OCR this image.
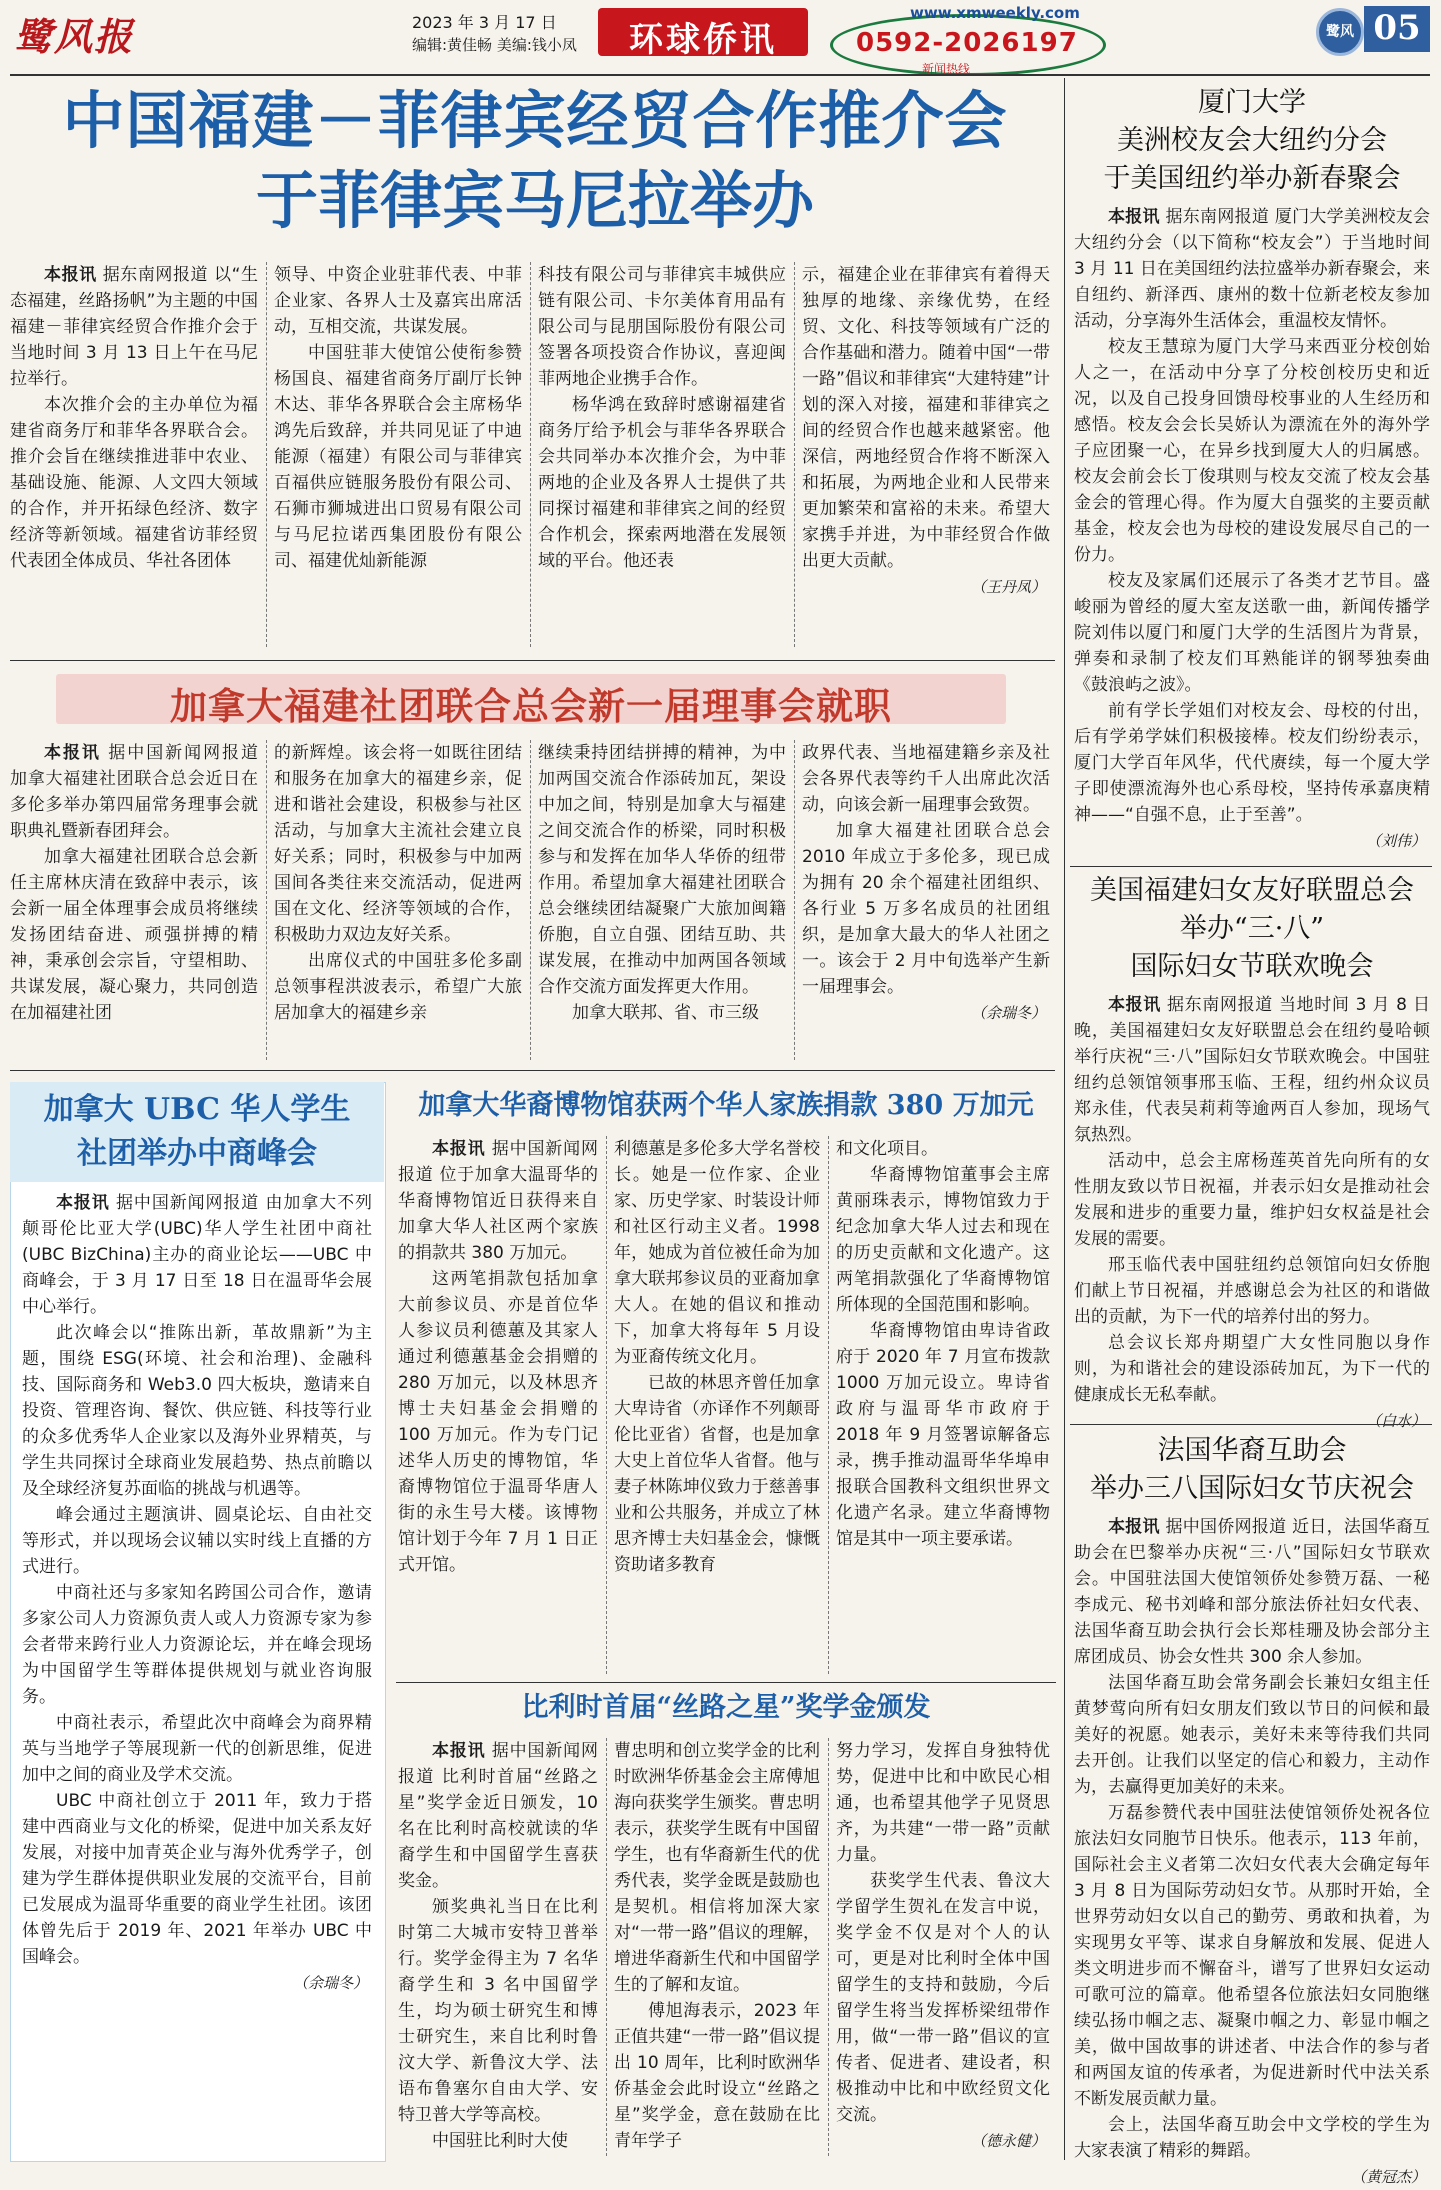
鹭风报	2023 年 3 月 17 日
编辑:黄佳畅 美编:钱小凤	环球侨讯
www.xmweekly.com
0592-2026197
新闻热线
鹭风 05
中国福建－菲律宾经贸合作推介会
于菲律宾马尼拉举办

本报讯 据东南网报道 以“生态福建，丝路扬帆”为主题的中国福建－菲律宾经贸合作推介会于当地时间 3 月 13 日上午在马尼拉举行。

本次推介会的主办单位为福建省商务厅和菲华各界联合会。推介会旨在继续推进菲中农业、基础设施、能源、人文四大领域的合作，并开拓绿色经济、数字经济等新领域。福建省访菲经贸代表团全体成员、华社各团体

领导、中资企业驻菲代表、中菲企业家、各界人士及嘉宾出席活动，互相交流，共谋发展。

中国驻菲大使馆公使衔参赞杨国良、福建省商务厅副厅长钟木达、菲华各界联合会主席杨华鸿先后致辞，并共同见证了中迪能源（福建）有限公司与菲律宾百福供应链服务股份有限公司、石狮市狮城进出口贸易有限公司与马尼拉诺西集团股份有限公司、福建优灿新能源

科技有限公司与菲律宾丰城供应链有限公司、卡尔美体育用品有限公司与昆朋国际股份有限公司签署各项投资合作协议，喜迎闽菲两地企业携手合作。

杨华鸿在致辞时感谢福建省商务厅给予机会与菲华各界联合会共同举办本次推介会，为中菲两地的企业及各界人士提供了共同探讨福建和菲律宾之间的经贸合作机会，探索两地潜在发展领域的平台。他还表

示，福建企业在菲律宾有着得天独厚的地缘、亲缘优势，在经贸、文化、科技等领域有广泛的合作基础和潜力。随着中国“一带一路”倡议和菲律宾“大建特建”计划的深入对接，福建和菲律宾之间的经贸合作也越来越紧密。他深信，两地经贸合作将不断深入和拓展，为两地企业和人民带来更加繁荣和富裕的未来。希望大家携手并进，为中菲经贸合作做出更大贡献。

（王丹凤）
加拿大福建社团联合总会新一届理事会就职

本报讯 据中国新闻网报道 加拿大福建社团联合总会近日在多伦多举办第四届常务理事会就职典礼暨新春团拜会。

加拿大福建社团联合总会新任主席林庆清在致辞中表示，该会新一届全体理事会成员将继续发扬团结奋进、顽强拼搏的精神，秉承创会宗旨，守望相助、共谋发展，凝心聚力，共同创造在加福建社团

的新辉煌。该会将一如既往团结和服务在加拿大的福建乡亲，促进和谐社会建设，积极参与社区活动，与加拿大主流社会建立良好关系；同时，积极参与中加两国间各类往来交流活动，促进两国在文化、经济等领域的合作，积极助力双边友好关系。

出席仪式的中国驻多伦多副总领事程洪波表示，希望广大旅居加拿大的福建乡亲

继续秉持团结拼搏的精神，为中加两国交流合作添砖加瓦，架设中加之间，特别是加拿大与福建之间交流合作的桥梁，同时积极参与和发挥在加华人华侨的纽带作用。希望加拿大福建社团联合总会继续团结凝聚广大旅加闽籍侨胞，自立自强、团结互助、共谋发展，在推动中加两国各领域合作交流方面发挥更大作用。

加拿大联邦、省、市三级

政界代表、当地福建籍乡亲及社会各界代表等约千人出席此次活动，向该会新一届理事会致贺。

加拿大福建社团联合总会 2010 年成立于多伦多，现已成为拥有 20 余个福建社团组织、各行业 5 万多名成员的社团组织，是加拿大最大的华人社团之一。该会于 2 月中旬选举产生新一届理事会。

（余瑞冬）
加拿大 UBC 华人学生
社团举办中商峰会

本报讯 据中国新闻网报道 由加拿大不列颠哥伦比亚大学(UBC)华人学生社团中商社(UBC BizChina)主办的商业论坛——UBC 中商峰会，于 3 月 17 日至 18 日在温哥华会展中心举行。

此次峰会以“推陈出新，革故鼎新”为主题，围绕 ESG(环境、社会和治理)、金融科技、国际商务和 Web3.0 四大板块，邀请来自投资、管理咨询、餐饮、供应链、科技等行业的众多优秀华人企业家以及海外业界精英，与学生共同探讨全球商业发展趋势、热点前瞻以及全球经济复苏面临的挑战与机遇等。

峰会通过主题演讲、圆桌论坛、自由社交等形式，并以现场会议辅以实时线上直播的方式进行。

中商社还与多家知名跨国公司合作，邀请多家公司人力资源负责人或人力资源专家为参会者带来跨行业人力资源论坛，并在峰会现场为中国留学生等群体提供规划与就业咨询服务。

中商社表示，希望此次中商峰会为商界精英与当地学子等展现新一代的创新思维，促进加中之间的商业及学术交流。

UBC 中商社创立于 2011 年，致力于搭建中西商业与文化的桥梁，促进中加关系友好发展，对接中加青英企业与海外优秀学子，创建为学生群体提供职业发展的交流平台，目前已发展成为温哥华重要的商业学生社团。该团体曾先后于 2019 年、2021 年举办 UBC 中国峰会。

（余瑞冬）
加拿大华裔博物馆获两个华人家族捐款 380 万加元

本报讯 据中国新闻网报道 位于加拿大温哥华的华裔博物馆近日获得来自加拿大华人社区两个家族的捐款共 380 万加元。

这两笔捐款包括加拿大前参议员、亦是首位华人参议员利德蕙及其家人通过利德蕙基金会捐赠的 280 万加元，以及林思齐博士夫妇基金会捐赠的 100 万加元。作为专门记述华人历史的博物馆，华裔博物馆位于温哥华唐人街的永生号大楼。该博物馆计划于今年 7 月 1 日正式开馆。

利德蕙是多伦多大学名誉校长。她是一位作家、企业家、历史学家、时装设计师和社区行动主义者。1998 年，她成为首位被任命为加拿大联邦参议员的亚裔加拿大人。在她的倡议和推动下，加拿大将每年 5 月设为亚裔传统文化月。

已故的林思齐曾任加拿大卑诗省（亦译作不列颠哥伦比亚省）省督，也是加拿大史上首位华人省督。他与妻子林陈坤仪致力于慈善事业和公共服务，并成立了林思齐博士夫妇基金会，慷慨资助诸多教育

和文化项目。

华裔博物馆董事会主席黄丽珠表示，博物馆致力于纪念加拿大华人过去和现在的历史贡献和文化遗产。这两笔捐款强化了华裔博物馆所体现的全国范围和影响。

华裔博物馆由卑诗省政府于 2020 年 7 月宣布拨款 1000 万加元设立。卑诗省政府与温哥华市政府于 2018 年 9 月签署谅解备忘录，携手推动温哥华华埠申报联合国教科文组织世界文化遗产名录。建立华裔博物馆是其中一项主要承诺。

比利时首届“丝路之星”奖学金颁发

本报讯 据中国新闻网报道 比利时首届“丝路之星”奖学金近日颁发，10 名在比利时高校就读的华裔学生和中国留学生喜获奖金。

颁奖典礼当日在比利时第二大城市安特卫普举行。奖学金得主为 7 名华裔学生和 3 名中国留学生，均为硕士研究生和博士研究生，来自比利时鲁汶大学、新鲁汶大学、法语布鲁塞尔自由大学、安特卫普大学等高校。

中国驻比利时大使

曹忠明和创立奖学金的比利时欧洲华侨基金会主席傅旭海向获奖学生颁奖。曹忠明表示，获奖学生既有中国留学生，也有华裔新生代的优秀代表，奖学金既是鼓励也是契机。相信将加深大家对“一带一路”倡议的理解，增进华裔新生代和中国留学生的了解和友谊。

傅旭海表示，2023 年正值共建“一带一路”倡议提出 10 周年，比利时欧洲华侨基金会此时设立“丝路之星”奖学金，意在鼓励在比青年学子

努力学习，发挥自身独特优势，促进中比和中欧民心相通，也希望其他学子见贤思齐，为共建“一带一路”贡献力量。

获奖学生代表、鲁汶大学留学生贺礼在发言中说，奖学金不仅是对个人的认可，更是对比利时全体中国留学生的支持和鼓励，今后留学生将当发挥桥梁纽带作用，做“一带一路”倡议的宣传者、促进者、建设者，积极推动中比和中欧经贸文化交流。

（德永健）
厦门大学
美洲校友会大纽约分会
于美国纽约举办新春聚会

本报讯 据东南网报道 厦门大学美洲校友会大纽约分会（以下简称“校友会”）于当地时间 3 月 11 日在美国纽约法拉盛举办新春聚会，来自纽约、新泽西、康州的数十位新老校友参加活动，分享海外生活体会，重温校友情怀。

校友王慧琼为厦门大学马来西亚分校创始人之一，在活动中分享了分校创校历史和近况，以及自己投身回馈母校事业的人生经历和感悟。校友会会长吴娇认为漂流在外的海外学子应团聚一心，在异乡找到厦大人的归属感。校友会前会长丁俊琪则与校友交流了校友会基金会的管理心得。作为厦大自强奖的主要贡献基金，校友会也为母校的建设发展尽自己的一份力。

校友及家属们还展示了各类才艺节目。盛峻丽为曾经的厦大室友送歌一曲，新闻传播学院刘伟以厦门和厦门大学的生活图片为背景，弹奏和录制了校友们耳熟能详的钢琴独奏曲《鼓浪屿之波》。

前有学长学姐们对校友会、母校的付出，后有学弟学妹们积极接棒。校友们纷纷表示，厦门大学百年风华，代代赓续，每一个厦大学子即使漂流海外也心系母校，坚持传承嘉庚精神——“自强不息，止于至善”。

（刘伟）
美国福建妇女友好联盟总会
举办“三·八”
国际妇女节联欢晚会

本报讯 据东南网报道 当地时间 3 月 8 日晚，美国福建妇女友好联盟总会在纽约曼哈顿举行庆祝“三·八”国际妇女节联欢晚会。中国驻纽约总领馆领事邢玉临、王程，纽约州众议员郑永佳，代表吴莉莉等逾两百人参加，现场气氛热烈。

活动中，总会主席杨莲英首先向所有的女性朋友致以节日祝福，并表示妇女是推动社会发展和进步的重要力量，维护妇女权益是社会发展的需要。

邢玉临代表中国驻纽约总领馆向妇女侨胞们献上节日祝福，并感谢总会为社区的和谐做出的贡献，为下一代的培养付出的努力。

总会议长郑舟期望广大女性同胞以身作则，为和谐社会的建设添砖加瓦，为下一代的健康成长无私奉献。

（白水）
法国华裔互助会
举办三八国际妇女节庆祝会

本报讯 据中国侨网报道 近日，法国华裔互助会在巴黎举办庆祝“三·八”国际妇女节联欢会。中国驻法国大使馆领侨处参赞万磊、一秘李成元、秘书刘峰和部分旅法侨社妇女代表、法国华裔互助会执行会长郑桂珊及协会部分主席团成员、协会女性共 300 余人参加。

法国华裔互助会常务副会长兼妇女组主任黄梦莺向所有妇女朋友们致以节日的问候和最美好的祝愿。她表示，美好未来等待我们共同去开创。让我们以坚定的信心和毅力，主动作为，去赢得更加美好的未来。

万磊参赞代表中国驻法使馆领侨处祝各位旅法妇女同胞节日快乐。他表示，113 年前，国际社会主义者第二次妇女代表大会确定每年 3 月 8 日为国际劳动妇女节。从那时开始，全世界劳动妇女以自己的勤劳、勇敢和执着，为实现男女平等、谋求自身解放和发展、促进人类文明进步而不懈奋斗，谱写了世界妇女运动可歌可泣的篇章。他希望各位旅法妇女同胞继续弘扬巾帼之志、凝聚巾帼之力、彰显巾帼之美，做中国故事的讲述者、中法合作的参与者和两国友谊的传承者，为促进新时代中法关系不断发展贡献力量。

会上，法国华裔互助会中文学校的学生为大家表演了精彩的舞蹈。

（黄冠杰）
